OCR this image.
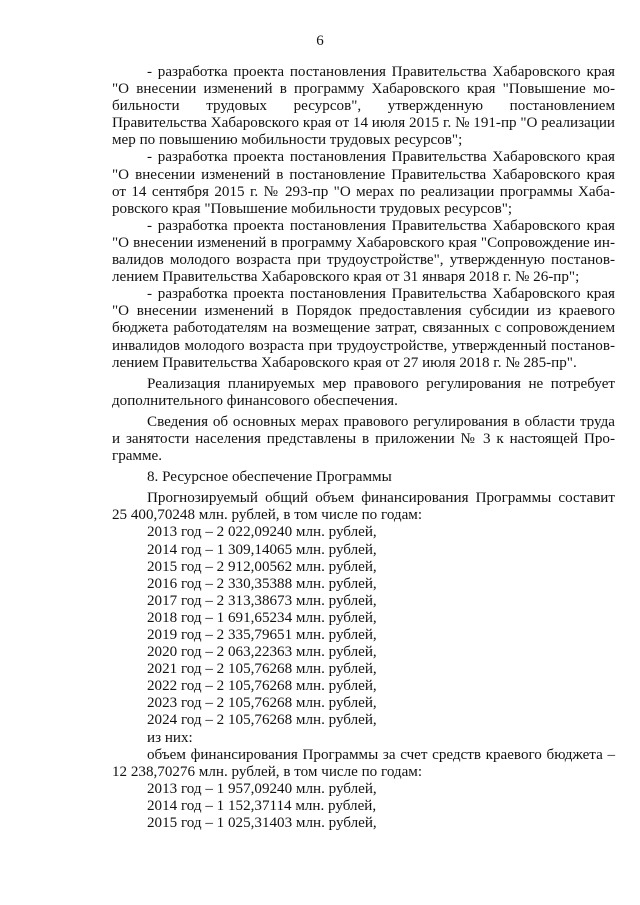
6

- разработка проекта постановления Правительства Хабаровского края "О внесении изменений в программу Хабаровского края "Повышение мобильности трудовых ресурсов", утвержденную постановлением Правительства Хабаровского края от 14 июля 2015 г. № 191-пр "О реализации мер по повышению мобильности трудовых ресурсов";

- разработка проекта постановления Правительства Хабаровского края "О внесении изменений в постановление Правительства Хабаровского края от 14 сентября 2015 г. № 293-пр "О мерах по реализации программы Хабаровского края "Повышение мобильности трудовых ресурсов";

- разработка проекта постановления Правительства Хабаровского края "О внесении изменений в программу Хабаровского края "Сопровождение инвалидов молодого возраста при трудоустройстве", утвержденную постановлением Правительства Хабаровского края от 31 января 2018 г. № 26-пр";

- разработка проекта постановления Правительства Хабаровского края "О внесении изменений в Порядок предоставления субсидии из краевого бюджета работодателям на возмещение затрат, связанных с сопровождением инвалидов молодого возраста при трудоустройстве, утвержденный постановлением Правительства Хабаровского края от 27 июля 2018 г. № 285-пр".

Реализация планируемых мер правового регулирования не потребует дополнительного финансового обеспечения.

Сведения об основных мерах правового регулирования в области труда и занятости населения представлены в приложении № 3 к настоящей Программе.

8. Ресурсное обеспечение Программы

Прогнозируемый общий объем финансирования Программы составит 25 400,70248 млн. рублей, в том числе по годам:

2013 год – 2 022,09240 млн. рублей,
2014 год – 1 309,14065 млн. рублей,
2015 год – 2 912,00562 млн. рублей,
2016 год – 2 330,35388 млн. рублей,
2017 год – 2 313,38673 млн. рублей,
2018 год – 1 691,65234 млн. рублей,
2019 год – 2 335,79651 млн. рублей,
2020 год – 2 063,22363 млн. рублей,
2021 год – 2 105,76268 млн. рублей,
2022 год – 2 105,76268 млн. рублей,
2023 год – 2 105,76268 млн. рублей,
2024 год – 2 105,76268 млн. рублей,

из них:

объем финансирования Программы за счет средств краевого бюджета – 12 238,70276 млн. рублей, в том числе по годам:

2013 год – 1 957,09240 млн. рублей,
2014 год – 1 152,37114 млн. рублей,
2015 год – 1 025,31403 млн. рублей,
